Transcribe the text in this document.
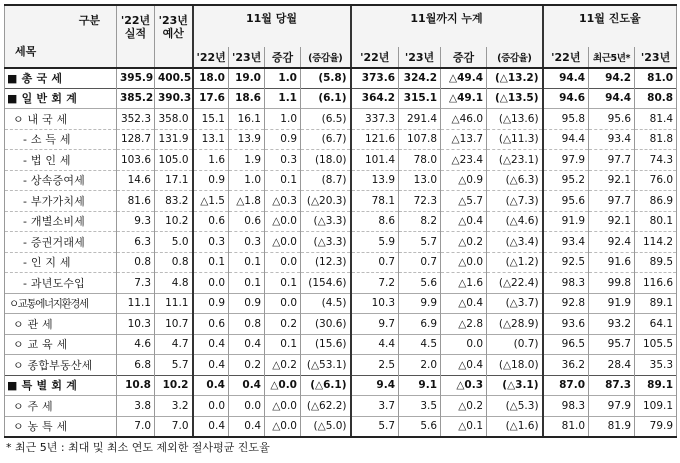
구분
세목	'22년 실적	'23년 예산	11월 당월				11월까지 누계				11월 진도율		

			'22년	'23년	증감	(증감율)	'22년	'23년	증감	(증감율)	'22년	최근5년*	'23년
■ 총 국 세	395.9	400.5	18.0	19.0	1.0	(5.8)	373.6	324.2	△49.4	(△13.2)	94.4	94.2	81.0
■ 일 반 회 계	385.2	390.3	17.6	18.6	1.1	(6.1)	364.2	315.1	△49.1	(△13.5)	94.6	94.4	80.8
ㅇ 내 국 세	352.3	358.0	15.1	16.1	1.0	(6.5)	337.3	291.4	△46.0	(△13.6)	95.8	95.6	81.4
- 소 득 세	128.7	131.9	13.1	13.9	0.9	(6.7)	121.6	107.8	△13.7	(△11.3)	94.4	93.4	81.8
- 법 인 세	103.6	105.0	1.6	1.9	0.3	(18.0)	101.4	78.0	△23.4	(△23.1)	97.9	97.7	74.3
- 상속증여세	14.6	17.1	0.9	1.0	0.1	(8.7)	13.9	13.0	△0.9	(△6.3)	95.2	92.1	76.0
- 부가가치세	81.6	83.2	△1.5	△1.8	△0.3	(△20.3)	78.1	72.3	△5.7	(△7.3)	95.6	97.7	86.9
- 개별소비세	9.3	10.2	0.6	0.6	△0.0	(△3.3)	8.6	8.2	△0.4	(△4.6)	91.9	92.1	80.1
- 증권거래세	6.3	5.0	0.3	0.3	△0.0	(△3.3)	5.9	5.7	△0.2	(△3.4)	93.4	92.4	114.2
- 인 지 세	0.8	0.8	0.1	0.1	0.0	(12.3)	0.7	0.7	△0.0	(△1.2)	92.5	91.6	89.5
- 과년도수입	7.3	4.8	0.0	0.1	0.1	(154.6)	7.2	5.6	△1.6	(△22.4)	98.3	99.8	116.6
ㅇ교통에너지환경세	11.1	11.1	0.9	0.9	0.0	(4.5)	10.3	9.9	△0.4	(△3.7)	92.8	91.9	89.1
ㅇ 관 세	10.3	10.7	0.6	0.8	0.2	(30.6)	9.7	6.9	△2.8	(△28.9)	93.6	93.2	64.1
ㅇ 교 육 세	4.6	4.7	0.4	0.4	0.1	(15.6)	4.4	4.5	0.0	(0.7)	96.5	95.7	105.5
ㅇ 종합부동산세	6.8	5.7	0.4	0.2	△0.2	(△53.1)	2.5	2.0	△0.4	(△18.0)	36.2	28.4	35.3
■ 특 별 회 계	10.8	10.2	0.4	0.4	△0.0	(△6.1)	9.4	9.1	△0.3	(△3.1)	87.0	87.3	89.1
ㅇ 주 세	3.8	3.2	0.0	0.0	△0.0	(△62.2)	3.7	3.5	△0.2	(△5.3)	98.3	97.9	109.1
ㅇ 농 특 세	7.0	7.0	0.4	0.4	△0.0	(△5.0)	5.7	5.6	△0.1	(△1.6)	81.0	81.9	79.9
* 최근 5년 : 최대 및 최소 연도 제외한 절사평균 진도율
